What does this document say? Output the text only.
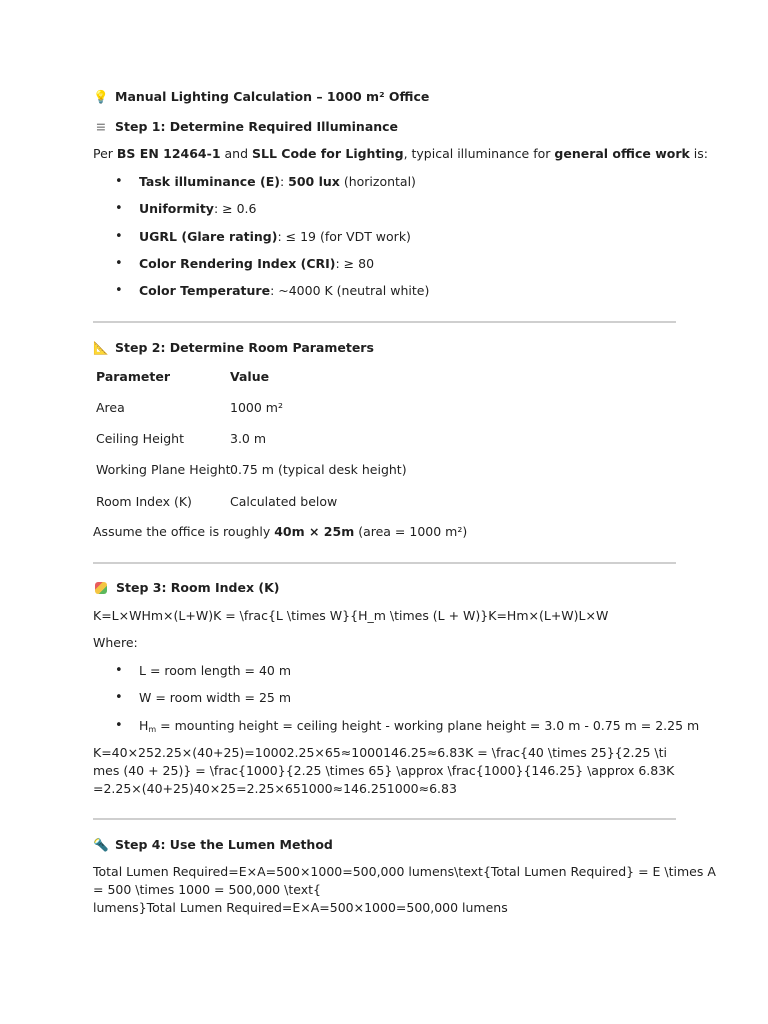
💡 Manual Lighting Calculation – 1000 m² Office
≡ Step 1: Determine Required Illuminance
Per BS EN 12464-1 and SLL Code for Lighting, typical illuminance for general office work is:
• Task illuminance (E): 500 lux (horizontal)
• Uniformity: ≥ 0.6
• UGRL (Glare rating): ≤ 19 (for VDT work)
• Color Rendering Index (CRI): ≥ 80
• Color Temperature: ~4000 K (neutral white)
📐 Step 2: Determine Room Parameters
Parameter	Value
Area	1000 m²
Ceiling Height	3.0 m
Working Plane Height 0.75 m (typical desk height)
Room Index (K)	Calculated below
Assume the office is roughly 40m × 25m (area = 1000 m²)
Step 3: Room Index (K)
K=L×WHm×(L+W)K = \frac{L \times W}{H_m \times (L + W)}K=Hm​×(L+W)L×W​
Where:
• L = room length = 40 m
• W = room width = 25 m
• $H_m$ = mounting height = ceiling height - working plane height = 3.0 m - 0.75 m = 2.25 m
K=40×252.25×(40+25)=10002.25×65≈1000146.25≈6.83K = \frac{40 \times 25}{2.25 \times (40 + 25)} = \frac{1000}{2.25 \times 65} \approx \frac{1000}{146.25} \approx 6.83K=2.25×(40+25)40×25​=2.25×651000​≈146.251000​≈6.83
🔦 Step 4: Use the Lumen Method
Total Lumen Required=E×A=500×1000=500,000 lumens\text{Total Lumen Required} = E \times A
= 500 \times 1000 = 500,000 \text{
lumens}Total Lumen Required=E×A=500×1000=500,000 lumens
